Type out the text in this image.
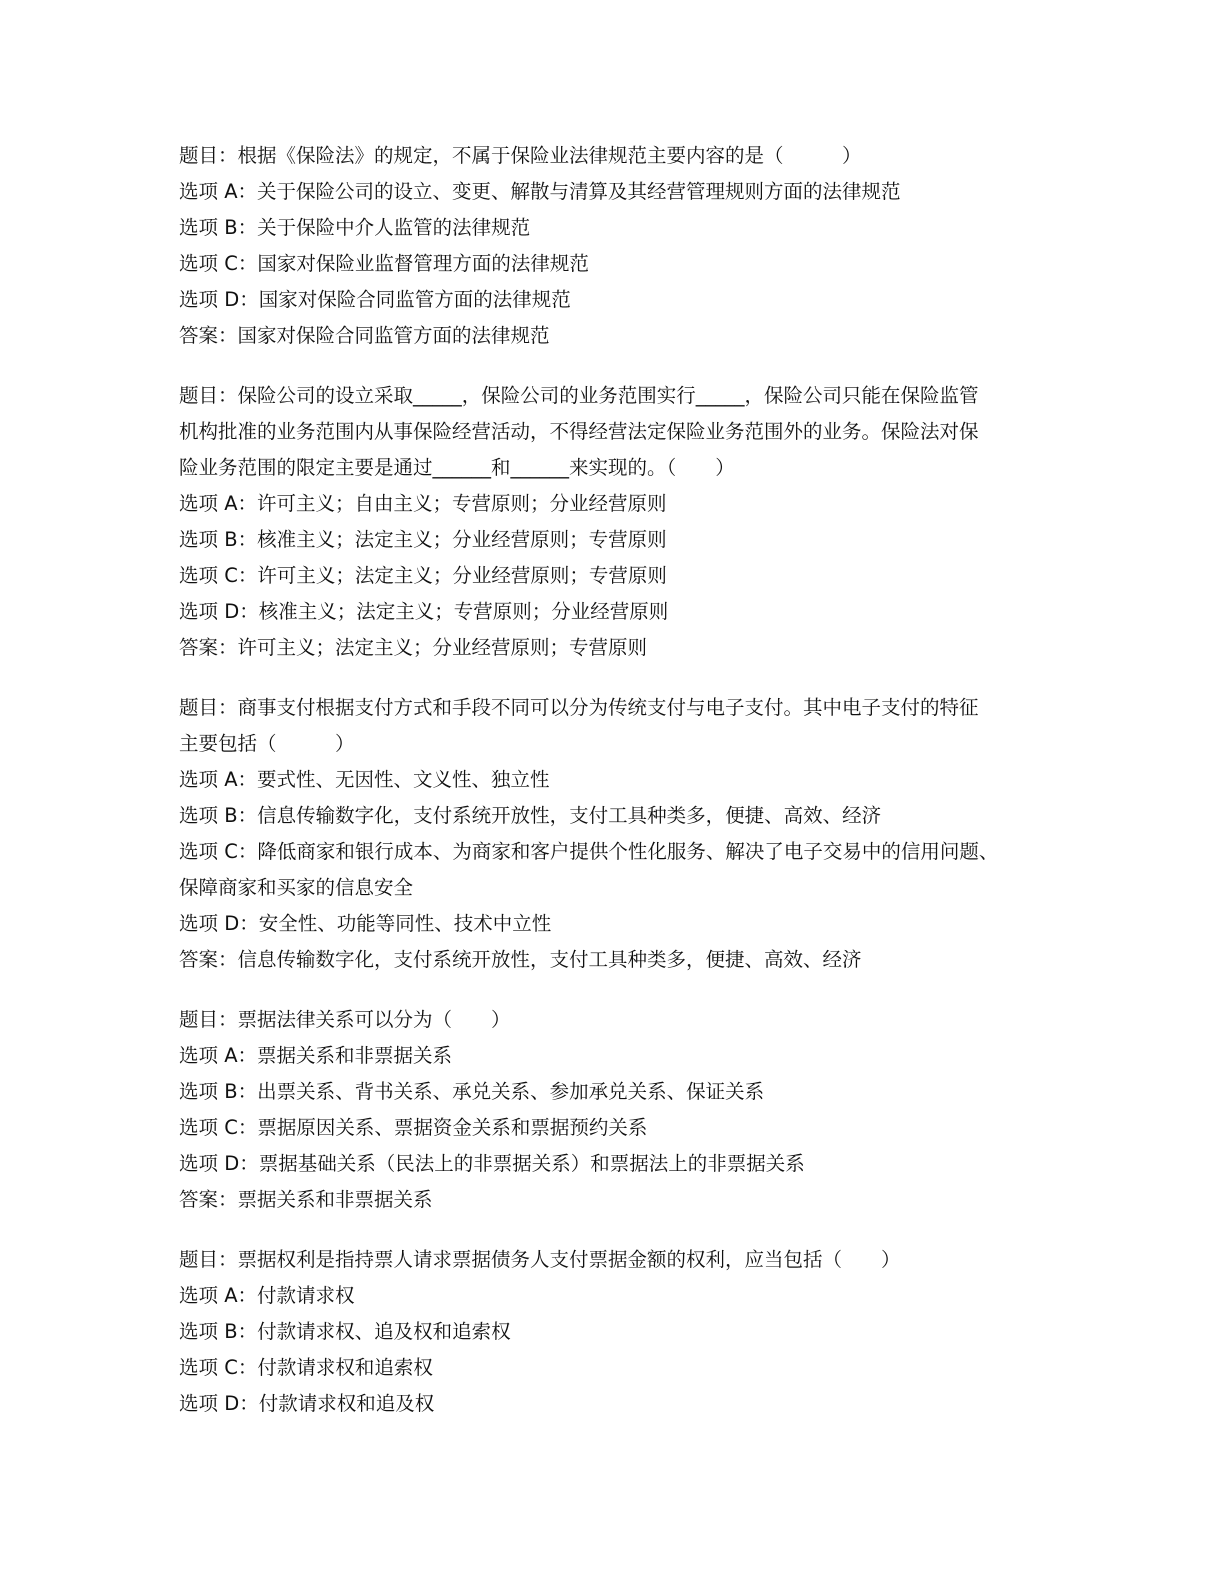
题目：根据《保险法》的规定，不属于保险业法律规范主要内容的是（　　　）

选项 A：关于保险公司的设立、变更、解散与清算及其经营管理规则方面的法律规范

选项 B：关于保险中介人监管的法律规范

选项 C：国家对保险业监督管理方面的法律规范

选项 D：国家对保险合同监管方面的法律规范

答案：国家对保险合同监管方面的法律规范

题目：保险公司的设立采取_____，保险公司的业务范围实行_____，保险公司只能在保险监管

机构批准的业务范围内从事保险经营活动，不得经营法定保险业务范围外的业务。保险法对保

险业务范围的限定主要是通过______和______来实现的。（　　）

选项 A：许可主义；自由主义；专营原则；分业经营原则

选项 B：核准主义；法定主义；分业经营原则；专营原则

选项 C：许可主义；法定主义；分业经营原则；专营原则

选项 D：核准主义；法定主义；专营原则；分业经营原则

答案：许可主义；法定主义；分业经营原则；专营原则

题目：商事支付根据支付方式和手段不同可以分为传统支付与电子支付。其中电子支付的特征

主要包括（　　　）

选项 A：要式性、无因性、文义性、独立性

选项 B：信息传输数字化，支付系统开放性，支付工具种类多，便捷、高效、经济

选项 C：降低商家和银行成本、为商家和客户提供个性化服务、解决了电子交易中的信用问题、

保障商家和买家的信息安全

选项 D：安全性、功能等同性、技术中立性

答案：信息传输数字化，支付系统开放性，支付工具种类多，便捷、高效、经济

题目：票据法律关系可以分为（　　）

选项 A：票据关系和非票据关系

选项 B：出票关系、背书关系、承兑关系、参加承兑关系、保证关系

选项 C：票据原因关系、票据资金关系和票据预约关系

选项 D：票据基础关系（民法上的非票据关系）和票据法上的非票据关系

答案：票据关系和非票据关系

题目：票据权利是指持票人请求票据债务人支付票据金额的权利，应当包括（　　）

选项 A：付款请求权

选项 B：付款请求权、追及权和追索权

选项 C：付款请求权和追索权

选项 D：付款请求权和追及权
